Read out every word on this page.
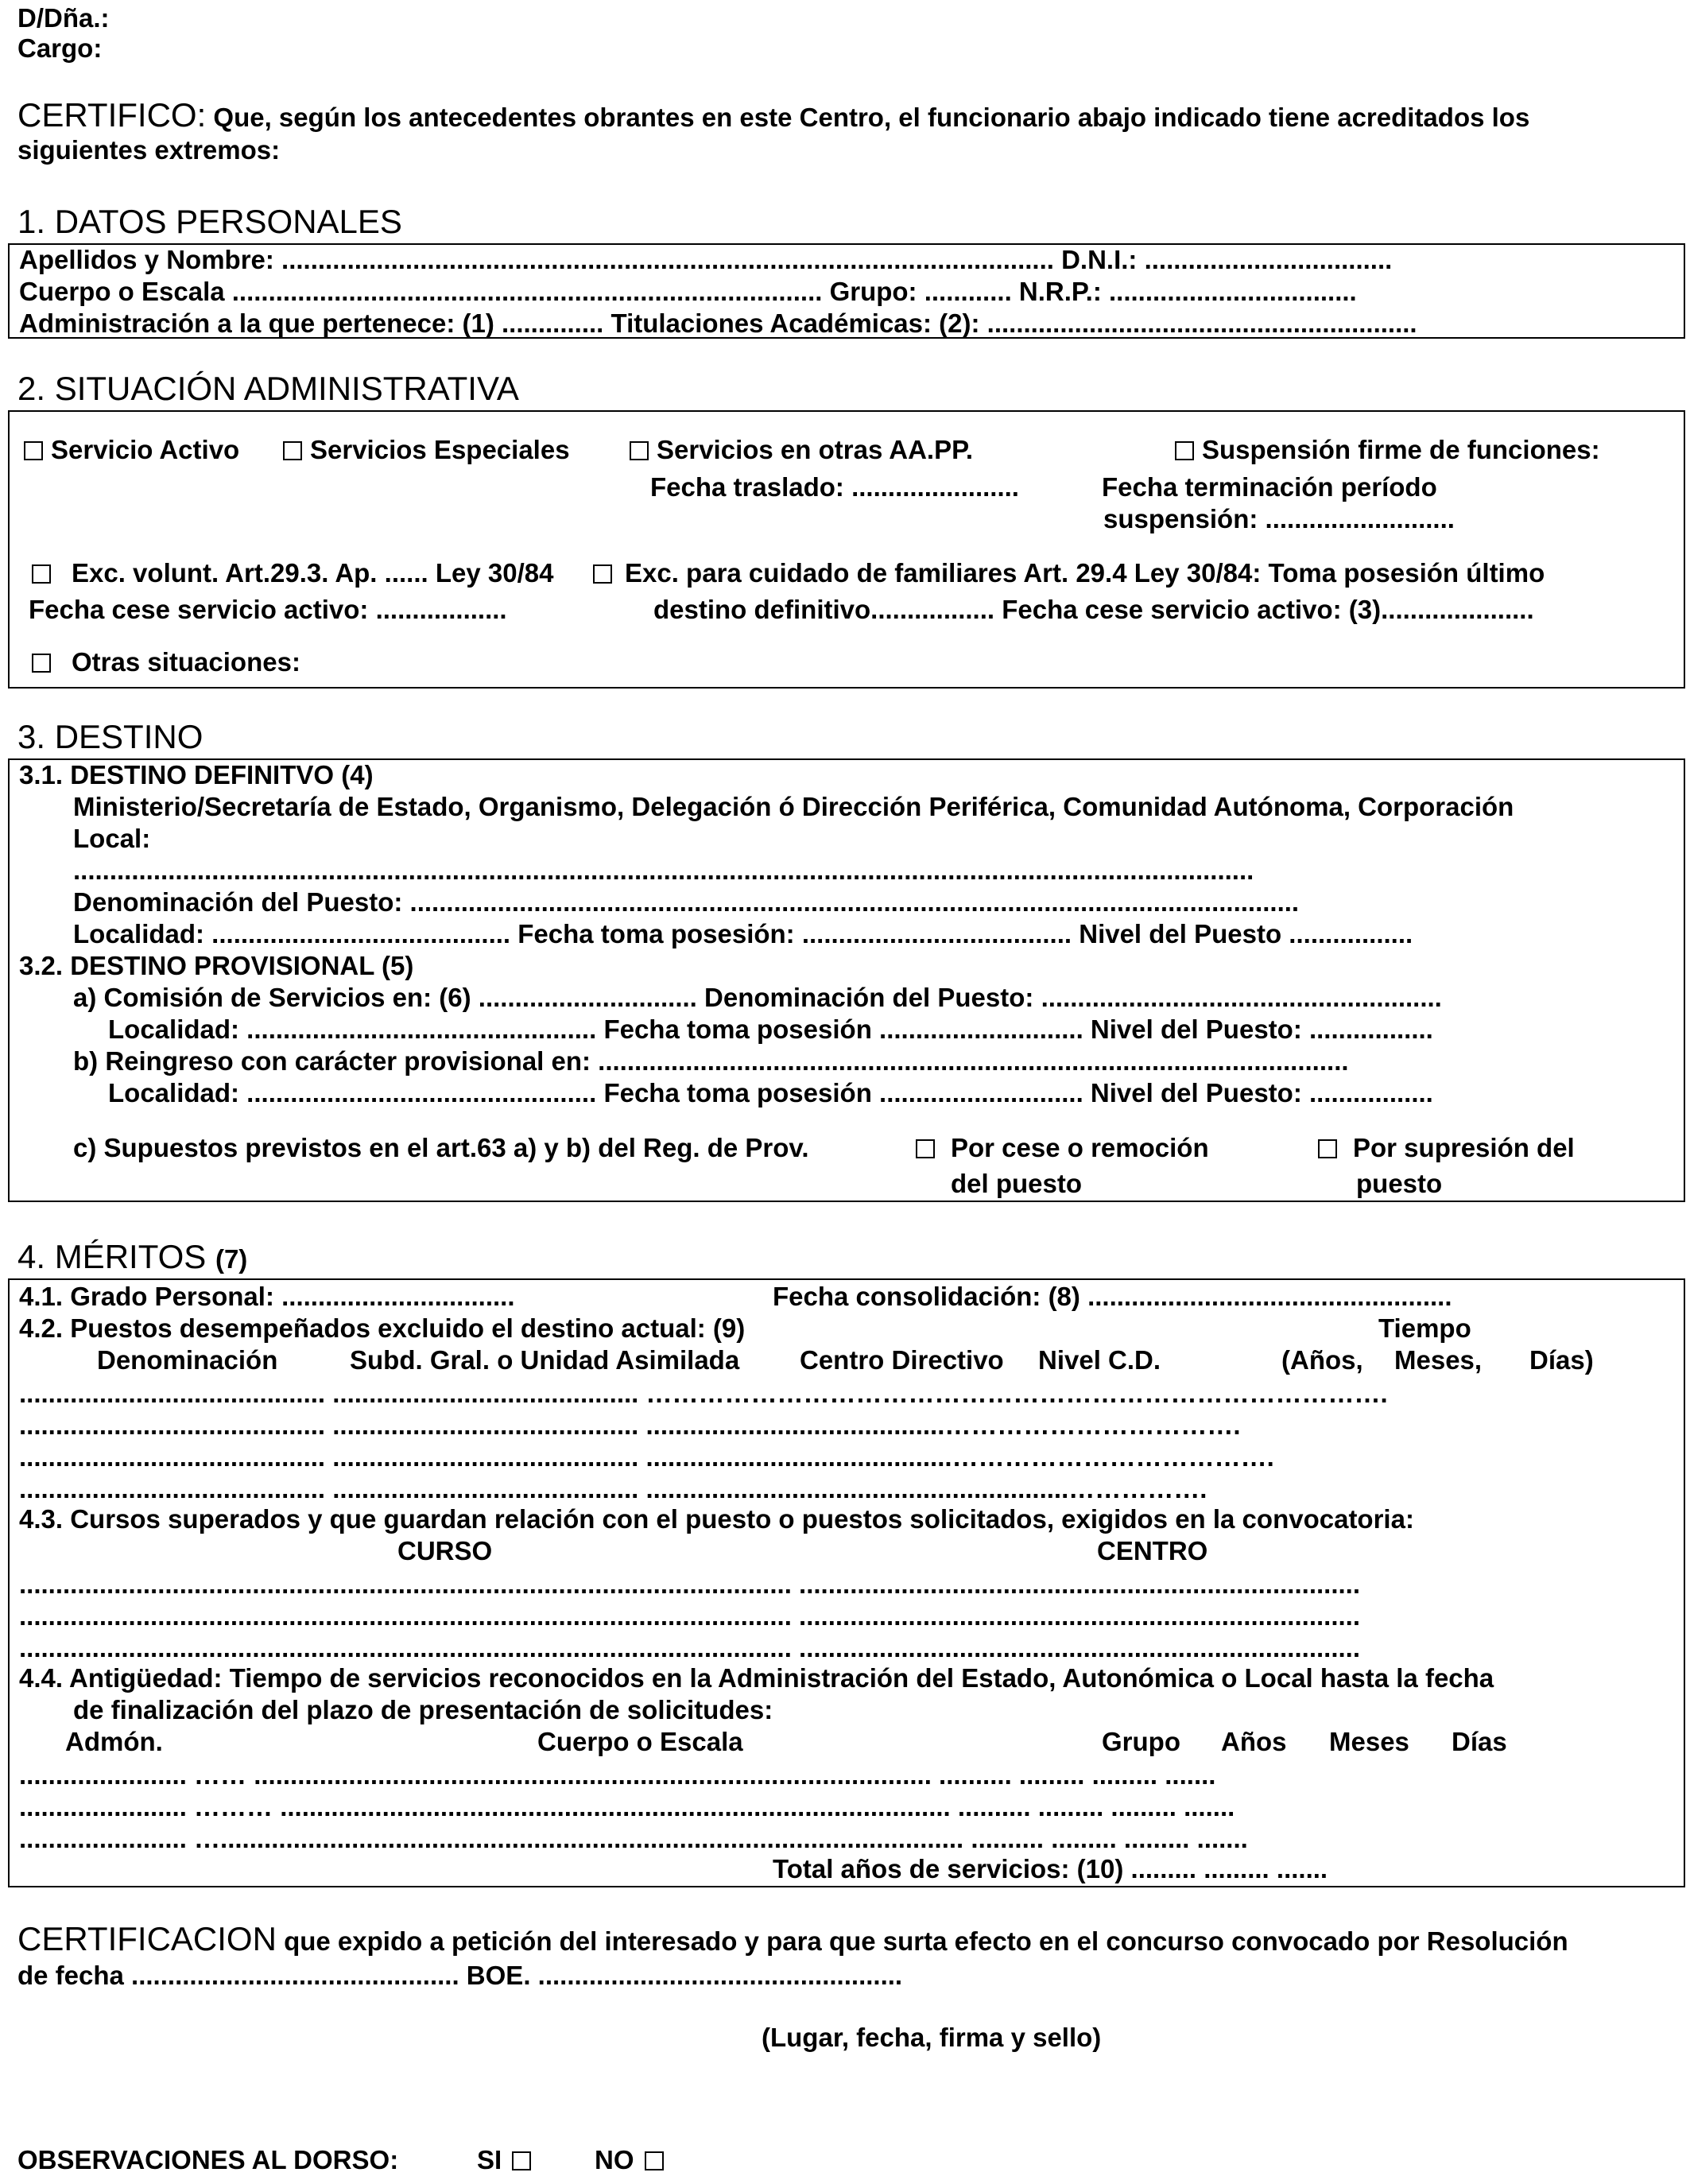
D/Dña.:
Cargo:
CERTIFICO: Que, según los antecedentes obrantes en este Centro, el funcionario abajo indicado tiene acreditados los
siguientes extremos:
1. DATOS PERSONALES
Apellidos y Nombre: .......................................................................................................... D.N.I.: ..................................
Cuerpo o Escala ................................................................................. Grupo: ............ N.R.P.: ..................................
Administración a la que pertenece: (1) .............. Titulaciones Académicas: (2): ...........................................................
2. SITUACIÓN ADMINISTRATIVA
Servicio Activo	Servicios Especiales	Servicios en otras AA.PP.	Suspensión firme de funciones:
Fecha traslado: .......................	Fecha terminación período
suspensión: ..........................
Exc. volunt. Art.29.3. Ap. ...... Ley 30/84	Exc. para cuidado de familiares Art. 29.4 Ley 30/84: Toma posesión último
Fecha cese servicio activo: ..................	destino definitivo................. Fecha cese servicio activo: (3).....................
Otras situaciones:
3. DESTINO
3.1. DESTINO DEFINITVO (4)
Ministerio/Secretaría de Estado, Organismo, Delegación ó Dirección Periférica, Comunidad Autónoma, Corporación
Local:
..................................................................................................................................................................
Denominación del Puesto: ..........................................................................................................................
Localidad: ......................................... Fecha toma posesión: ..................................... Nivel del Puesto .................
3.2. DESTINO PROVISIONAL (5)
a) Comisión de Servicios en: (6) .............................. Denominación del Puesto: .......................................................
Localidad: ................................................ Fecha toma posesión ............................ Nivel del Puesto: .................
b) Reingreso con carácter provisional en: .......................................................................................................
Localidad: ................................................ Fecha toma posesión ............................ Nivel del Puesto: .................
c) Supuestos previstos en el art.63 a) y b) del Reg. de Prov.	Por cese o remoción
del puesto
Por supresión del
puesto
4. MÉRITOS (7)
4.1. Grado Personal: ................................	Fecha consolidación: (8) ..................................................
4.2. Puestos desempeñados excluido el destino actual: (9)	Tiempo
Denominación	Subd. Gral. o Unidad Asimilada Centro Directivo Nivel C.D.	(Años, Meses, Días)
.......................................... .......................................... ………………………………………………………………………….
.......................................... .......................................... .........................................…………………………….
.......................................... .......................................... ..........................................……………………………….
.......................................... .......................................... ..........................................................…………….
4.3. Cursos superados y que guardan relación con el puesto o puestos solicitados, exigidos en la convocatoria:
CURSO	CENTRO
.......................................................................................................... .............................................................................
.......................................................................................................... .............................................................................
.......................................................................................................... .............................................................................
4.4. Antigüedad: Tiempo de servicios reconocidos en la Administración del Estado, Autonómica o Local hasta la fecha
de finalización del plazo de presentación de solicitudes:
Admón.	Cuerpo o Escala	Grupo Años Meses Días
....................... …… ............................................................................................. .......... ......... ......... .......
....................... ……… ............................................................................................ .......... ......... ......... .......
....................... …...................................................................................................... .......... ......... ......... .......
Total años de servicios: (10) ......... ......... .......
CERTIFICACION que expido a petición del interesado y para que surta efecto en el concurso convocado por Resolución
de fecha ............................................. BOE. ..................................................
(Lugar, fecha, firma y sello)
OBSERVACIONES AL DORSO:	SI	NO
